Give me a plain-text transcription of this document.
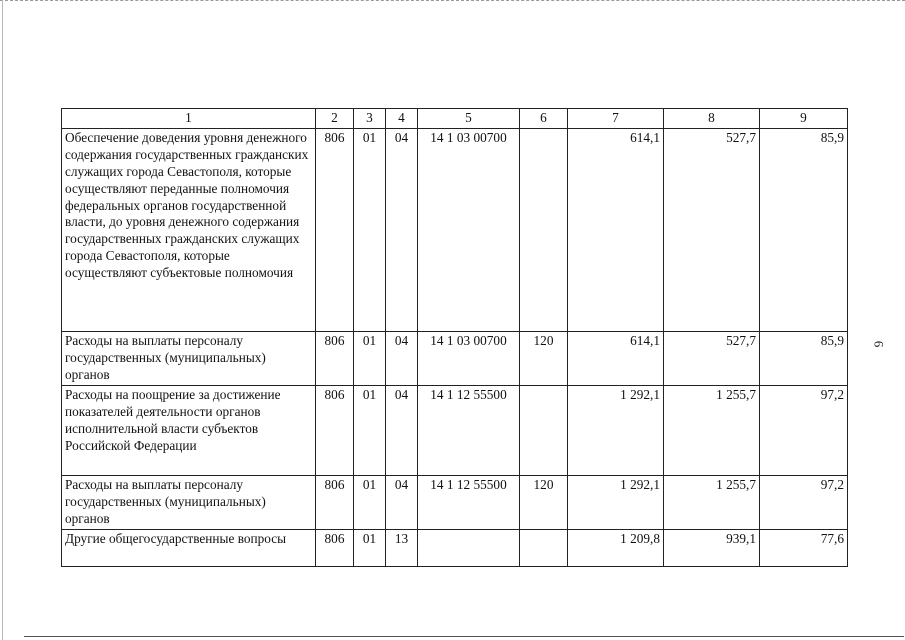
1	2	3	4	5	6	7	8	9
Обеспечение доведения уровня денежного содержания государственных гражданских служащих города Севастополя, которые осуществляют переданные полномочия федеральных органов государственной власти, до уровня денежного содержания государственных гражданских служащих города Севастополя, которые осуществляют субъектовые полномочия	806	01	04	14 1 03 00700		614,1	527,7	85,9
Расходы на выплаты персоналу государственных (муниципальных) органов	806	01	04	14 1 03 00700	120	614,1	527,7	85,9
Расходы на поощрение за достижение показателей деятельности органов исполнительной власти субъектов Российской Федерации	806	01	04	14 1 12 55500		1 292,1	1 255,7	97,2
Расходы на выплаты персоналу государственных (муниципальных) органов	806	01	04	14 1 12 55500	120	1 292,1	1 255,7	97,2
Другие общегосударственные вопросы	806	01	13			1 209,8	939,1	77,6
6
